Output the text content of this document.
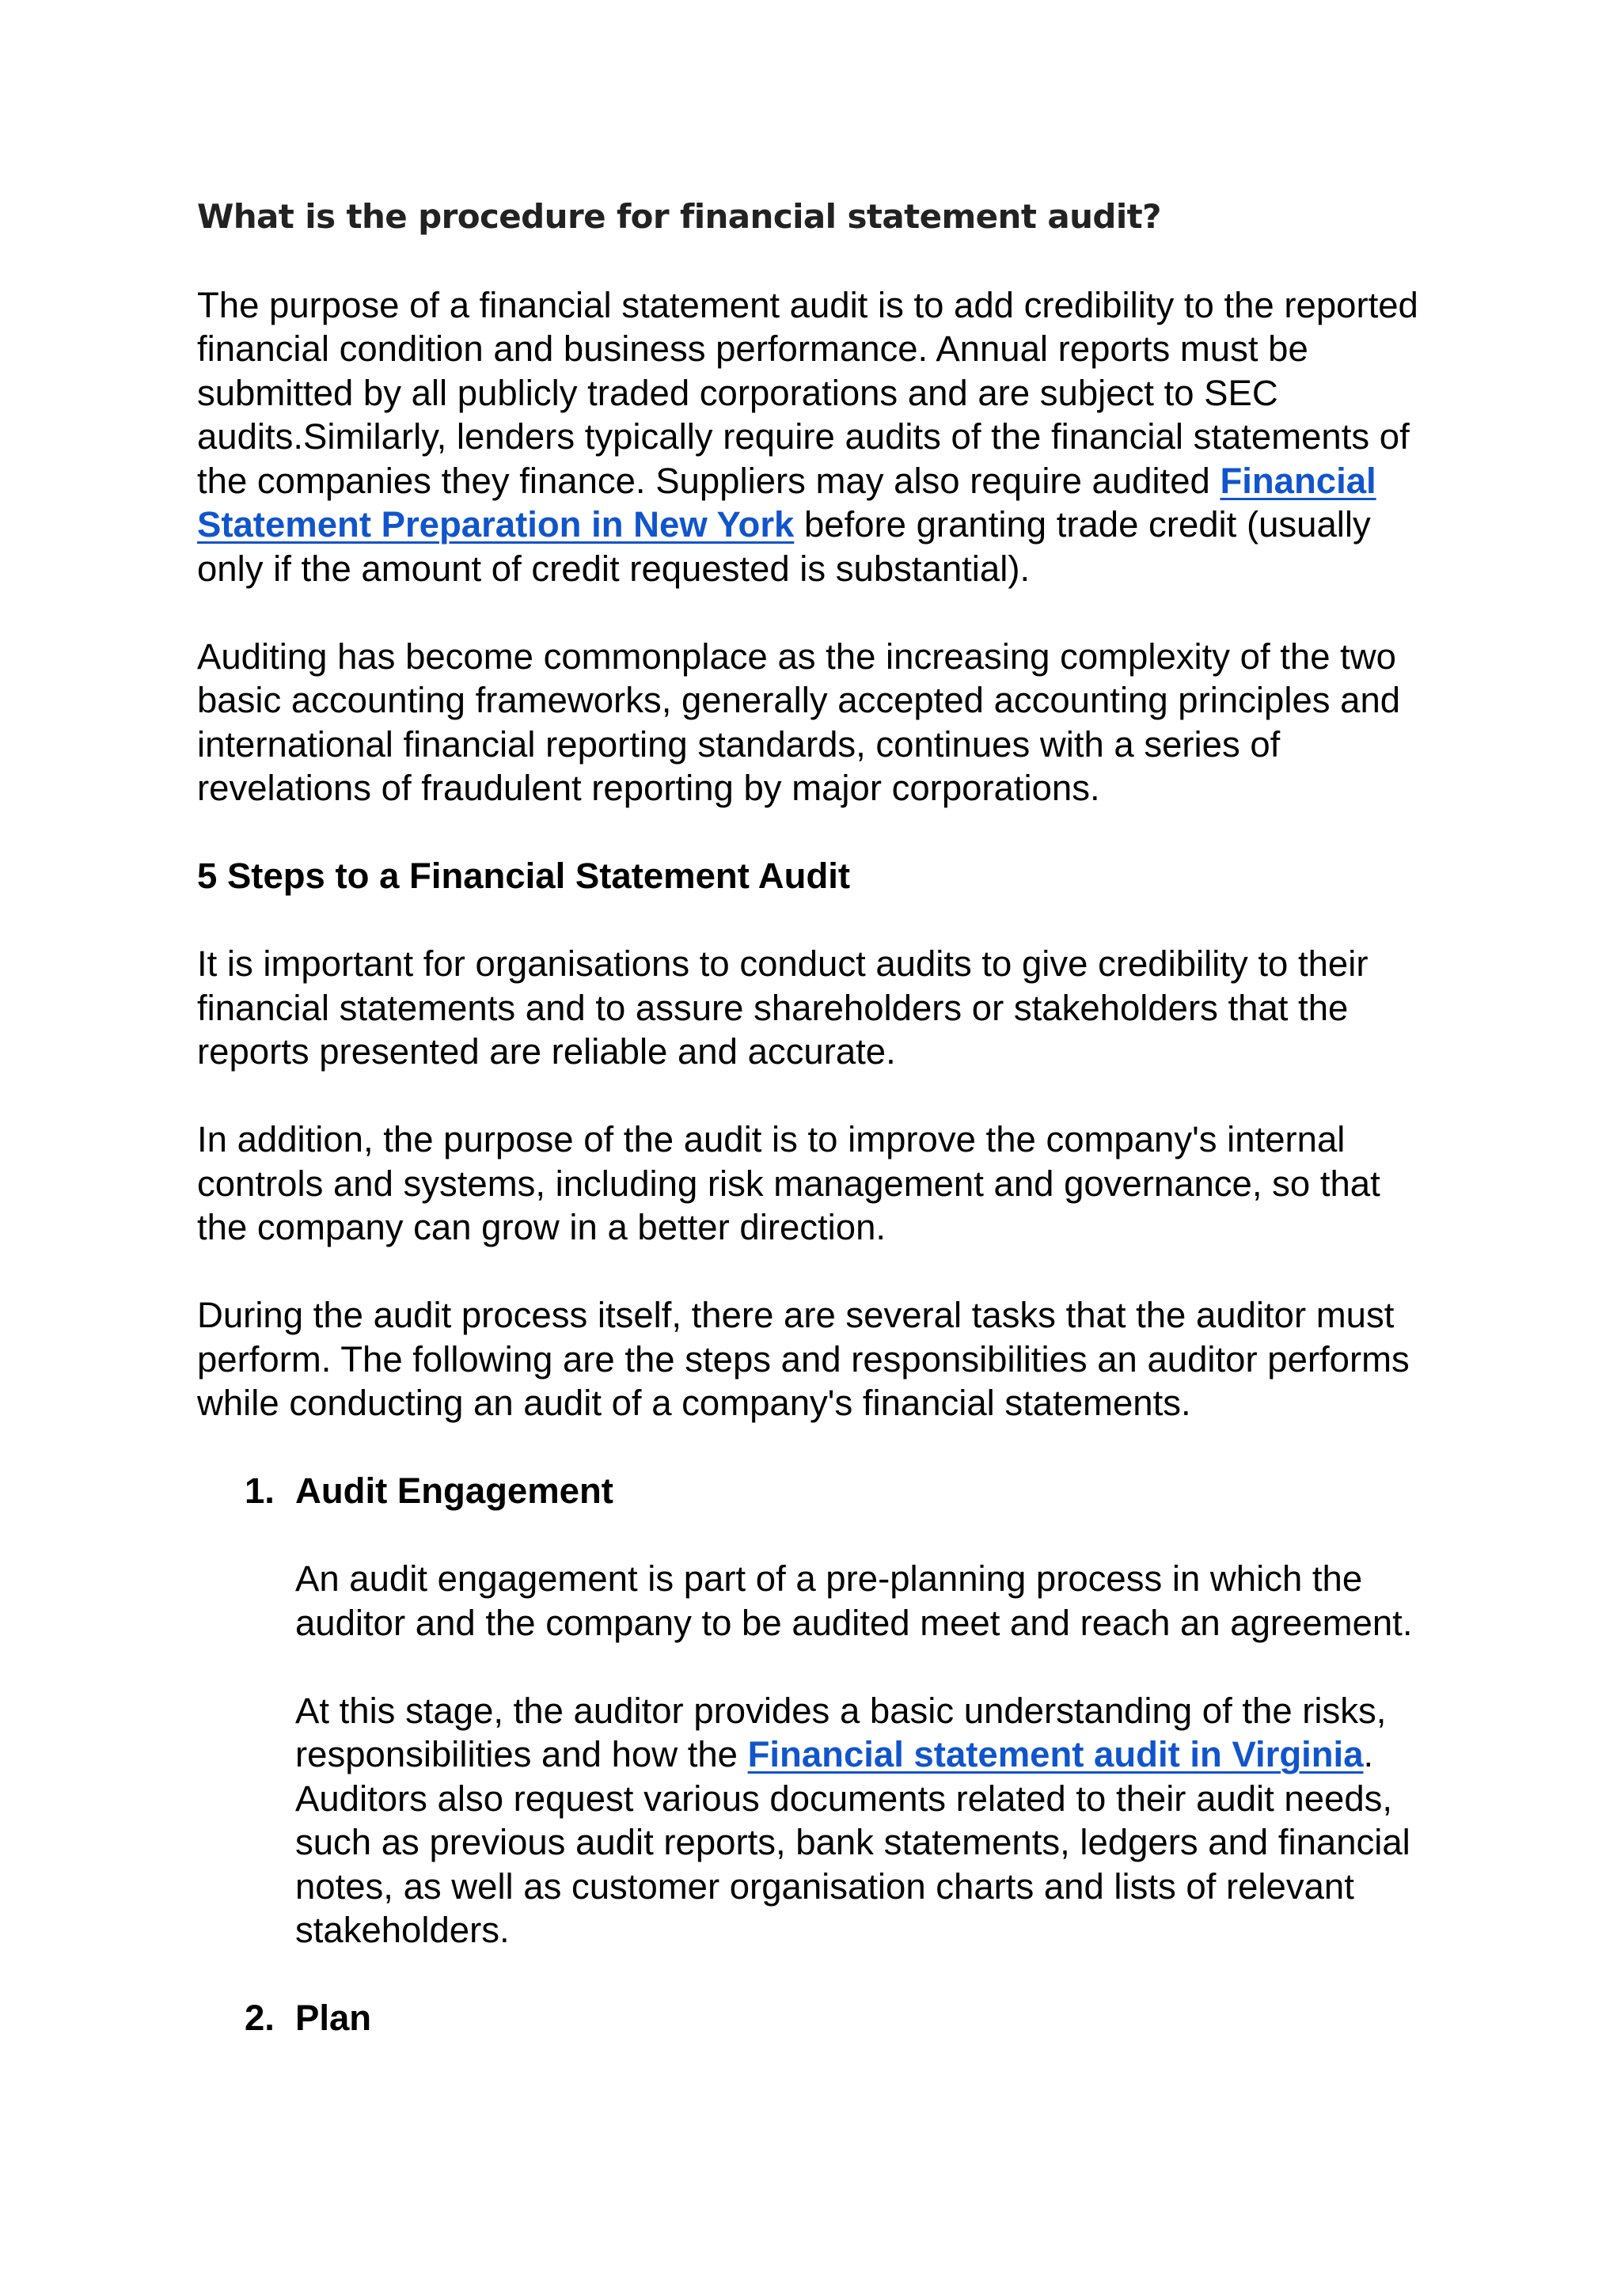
What is the procedure for financial statement audit?

The purpose of a financial statement audit is to add credibility to the reported financial condition and business performance. Annual reports must be submitted by all publicly traded corporations and are subject to SEC audits.Similarly, lenders typically require audits of the financial statements of the companies they finance. Suppliers may also require audited Financial Statement Preparation in New York before granting trade credit (usually only if the amount of credit requested is substantial).

Auditing has become commonplace as the increasing complexity of the two basic accounting frameworks, generally accepted accounting principles and international financial reporting standards, continues with a series of revelations of fraudulent reporting by major corporations.

5 Steps to a Financial Statement Audit

It is important for organisations to conduct audits to give credibility to their financial statements and to assure shareholders or stakeholders that the reports presented are reliable and accurate.

In addition, the purpose of the audit is to improve the company's internal controls and systems, including risk management and governance, so that the company can grow in a better direction.

During the audit process itself, there are several tasks that the auditor must perform. The following are the steps and responsibilities an auditor performs while conducting an audit of a company's financial statements.

1. Audit Engagement

An audit engagement is part of a pre-planning process in which the auditor and the company to be audited meet and reach an agreement.

At this stage, the auditor provides a basic understanding of the risks, responsibilities and how the Financial statement audit in Virginia. Auditors also request various documents related to their audit needs, such as previous audit reports, bank statements, ledgers and financial notes, as well as customer organisation charts and lists of relevant stakeholders.

2. Plan
